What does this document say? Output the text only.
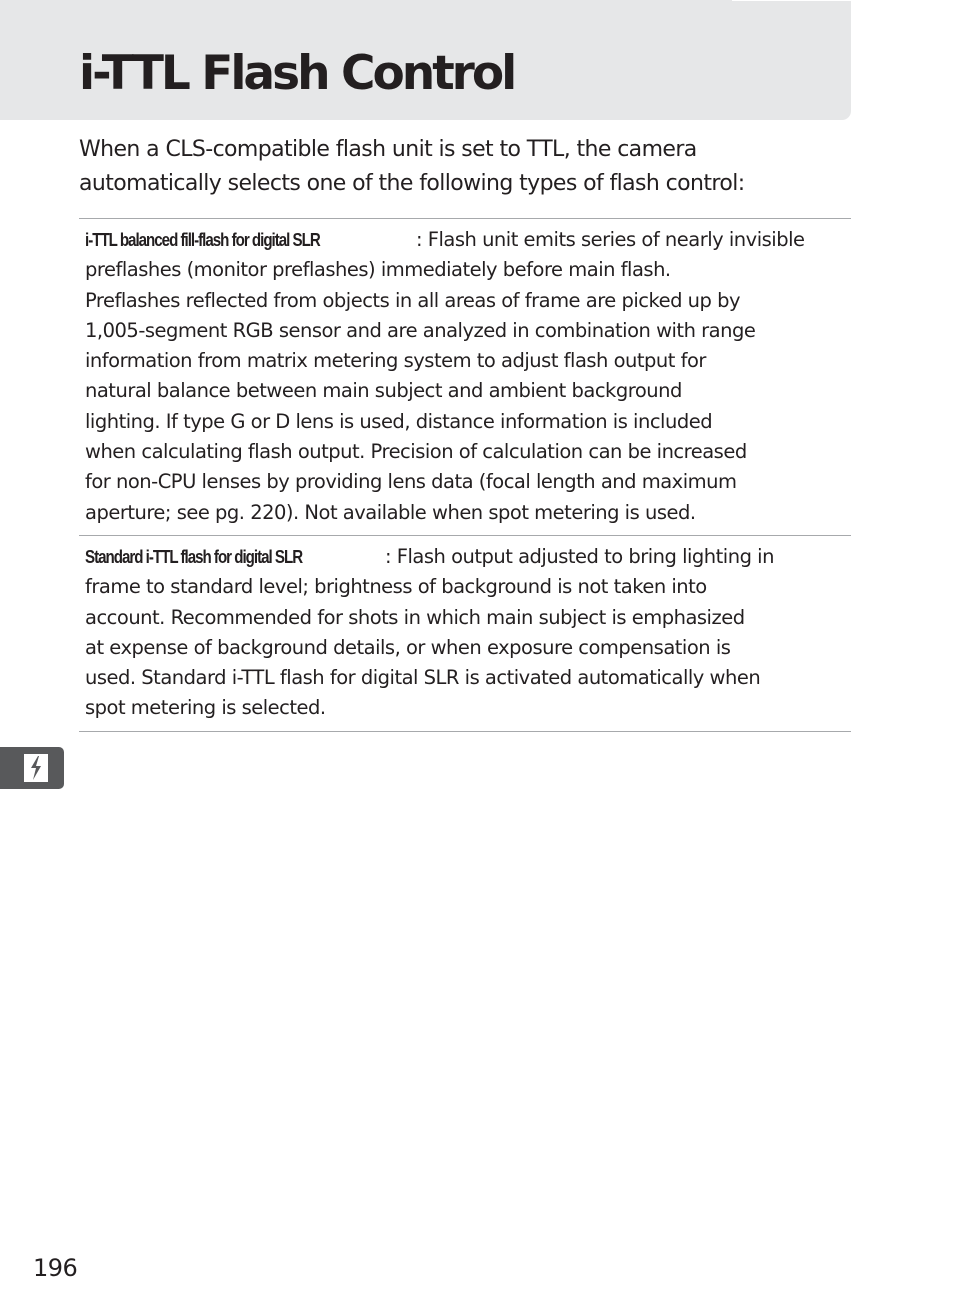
i-TTL Flash Control

When a CLS-compatible flash unit is set to TTL, the camera
automatically selects one of the following types of flash control:

i-TTL balanced fill-flash for digital SLR	: Flash unit emits series of nearly invisible
preflashes (monitor preflashes) immediately before main flash.
Preflashes reflected from objects in all areas of frame are picked up by
1,005-segment RGB sensor and are analyzed in combination with range
information from matrix metering system to adjust flash output for
natural balance between main subject and ambient background
lighting. If type G or D lens is used, distance information is included
when calculating flash output. Precision of calculation can be increased
for non-CPU lenses by providing lens data (focal length and maximum
aperture; see pg. 220). Not available when spot metering is used.
Standard i-TTL flash for digital SLR	: Flash output adjusted to bring lighting in
frame to standard level; brightness of background is not taken into
account. Recommended for shots in which main subject is emphasized
at expense of background details, or when exposure compensation is
used. Standard i-TTL flash for digital SLR is activated automatically when
spot metering is selected.
196
